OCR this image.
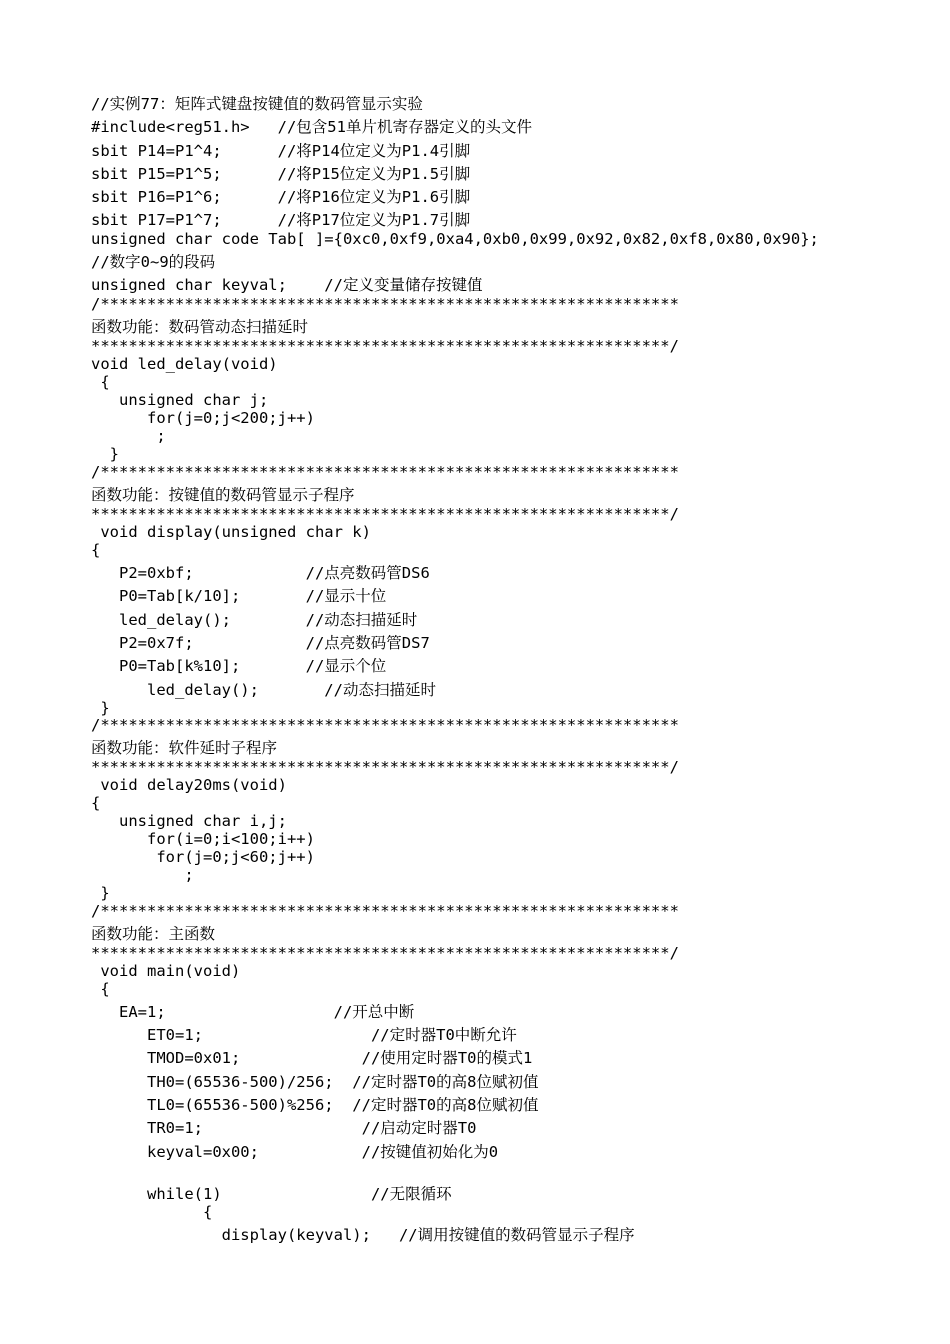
//实例77：矩阵式键盘按键值的数码管显示实验
#include<reg51.h>   //包含51单片机寄存器定义的头文件
sbit P14=P1^4;      //将P14位定义为P1.4引脚
sbit P15=P1^5;      //将P15位定义为P1.5引脚
sbit P16=P1^6;      //将P16位定义为P1.6引脚
sbit P17=P1^7;      //将P17位定义为P1.7引脚
unsigned char code Tab[ ]={0xc0,0xf9,0xa4,0xb0,0x99,0x92,0x82,0xf8,0x80,0x90};
//数字0~9的段码
unsigned char keyval;    //定义变量储存按键值
/**************************************************************
函数功能：数码管动态扫描延时
**************************************************************/
void led_delay(void)
{
unsigned char j;
for(j=0;j<200;j++)
;
}
/**************************************************************
函数功能：按键值的数码管显示子程序
**************************************************************/
void display(unsigned char k)
{
P2=0xbf;            //点亮数码管DS6
P0=Tab[k/10];       //显示十位
led_delay();        //动态扫描延时
P2=0x7f;            //点亮数码管DS7
P0=Tab[k%10];       //显示个位
led_delay();       //动态扫描延时
}
/**************************************************************
函数功能：软件延时子程序
**************************************************************/
void delay20ms(void)
{
unsigned char i,j;
for(i=0;i<100;i++)
for(j=0;j<60;j++)
;
}
/**************************************************************
函数功能：主函数
**************************************************************/
void main(void)
{
EA=1;                  //开总中断
ET0=1;                  //定时器T0中断允许
TMOD=0x01;             //使用定时器T0的模式1
TH0=(65536-500)/256;  //定时器T0的高8位赋初值
TL0=(65536-500)%256;  //定时器T0的高8位赋初值
TR0=1;                 //启动定时器T0
keyval=0x00;           //按键值初始化为0
while(1)                //无限循环
{
display(keyval);   //调用按键值的数码管显示子程序
